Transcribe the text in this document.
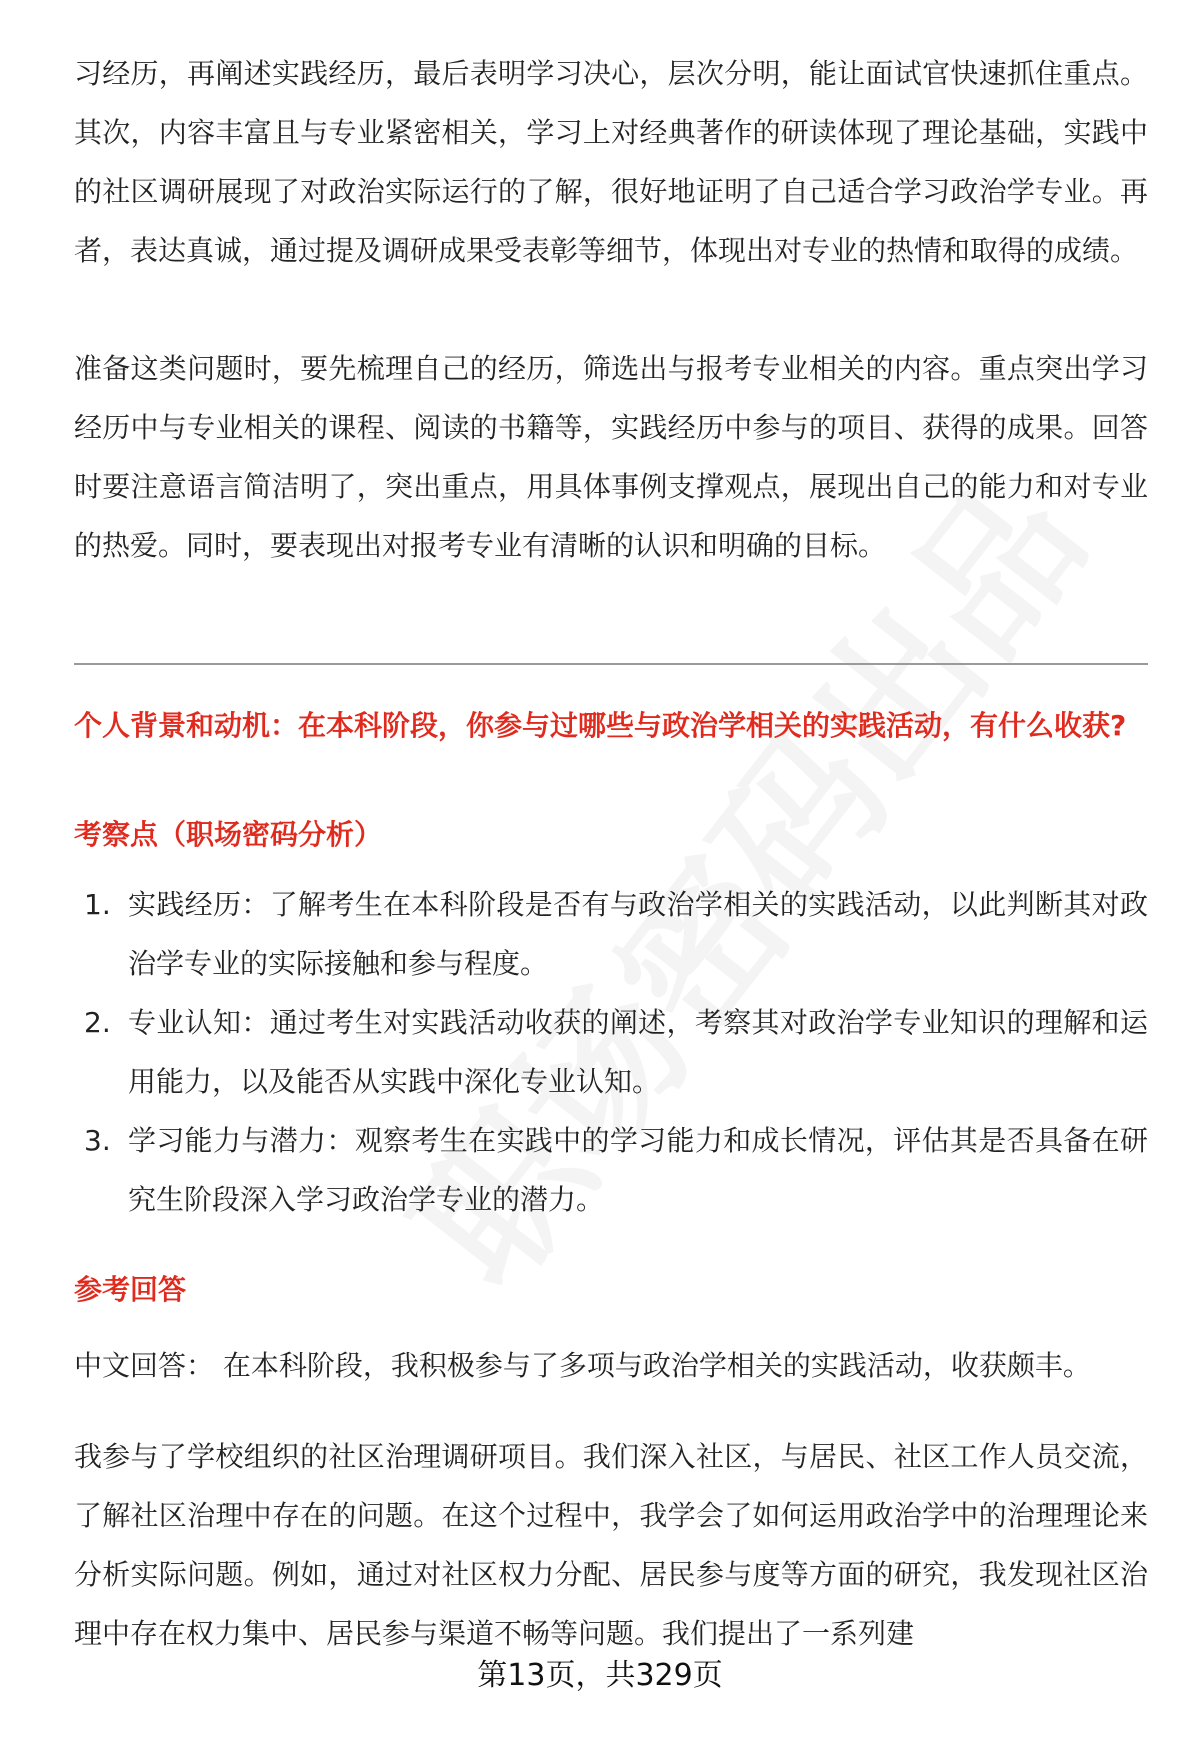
习经历，再阐述实践经历，最后表明学习决心，层次分明，能让面试官快速抓住重点。其次，内容丰富且与专业紧密相关，学习上对经典著作的研读体现了理论基础，实践中的社区调研展现了对政治实际运行的了解，很好地证明了自己适合学习政治学专业。再者，表达真诚，通过提及调研成果受表彰等细节，体现出对专业的热情和取得的成绩。

准备这类问题时，要先梳理自己的经历，筛选出与报考专业相关的内容。重点突出学习经历中与专业相关的课程、阅读的书籍等，实践经历中参与的项目、获得的成果。回答时要注意语言简洁明了，突出重点，用具体事例支撑观点，展现出自己的能力和对专业的热爱。同时，要表现出对报考专业有清晰的认识和明确的目标。

个人背景和动机：在本科阶段，你参与过哪些与政治学相关的实践活动，有什么收获?

考察点（职场密码分析）

1. 实践经历：了解考生在本科阶段是否有与政治学相关的实践活动，以此判断其对政治学专业的实际接触和参与程度。
2. 专业认知：通过考生对实践活动收获的阐述，考察其对政治学专业知识的理解和运用能力，以及能否从实践中深化专业认知。
3. 学习能力与潜力：观察考生在实践中的学习能力和成长情况，评估其是否具备在研究生阶段深入学习政治学专业的潜力。

参考回答

中文回答： 在本科阶段，我积极参与了多项与政治学相关的实践活动，收获颇丰。

我参与了学校组织的社区治理调研项目。我们深入社区，与居民、社区工作人员交流，了解社区治理中存在的问题。在这个过程中，我学会了如何运用政治学中的治理理论来分析实际问题。例如，通过对社区权力分配、居民参与度等方面的研究，我发现社区治理中存在权力集中、居民参与渠道不畅等问题。我们提出了一系列建

第13页，共329页
